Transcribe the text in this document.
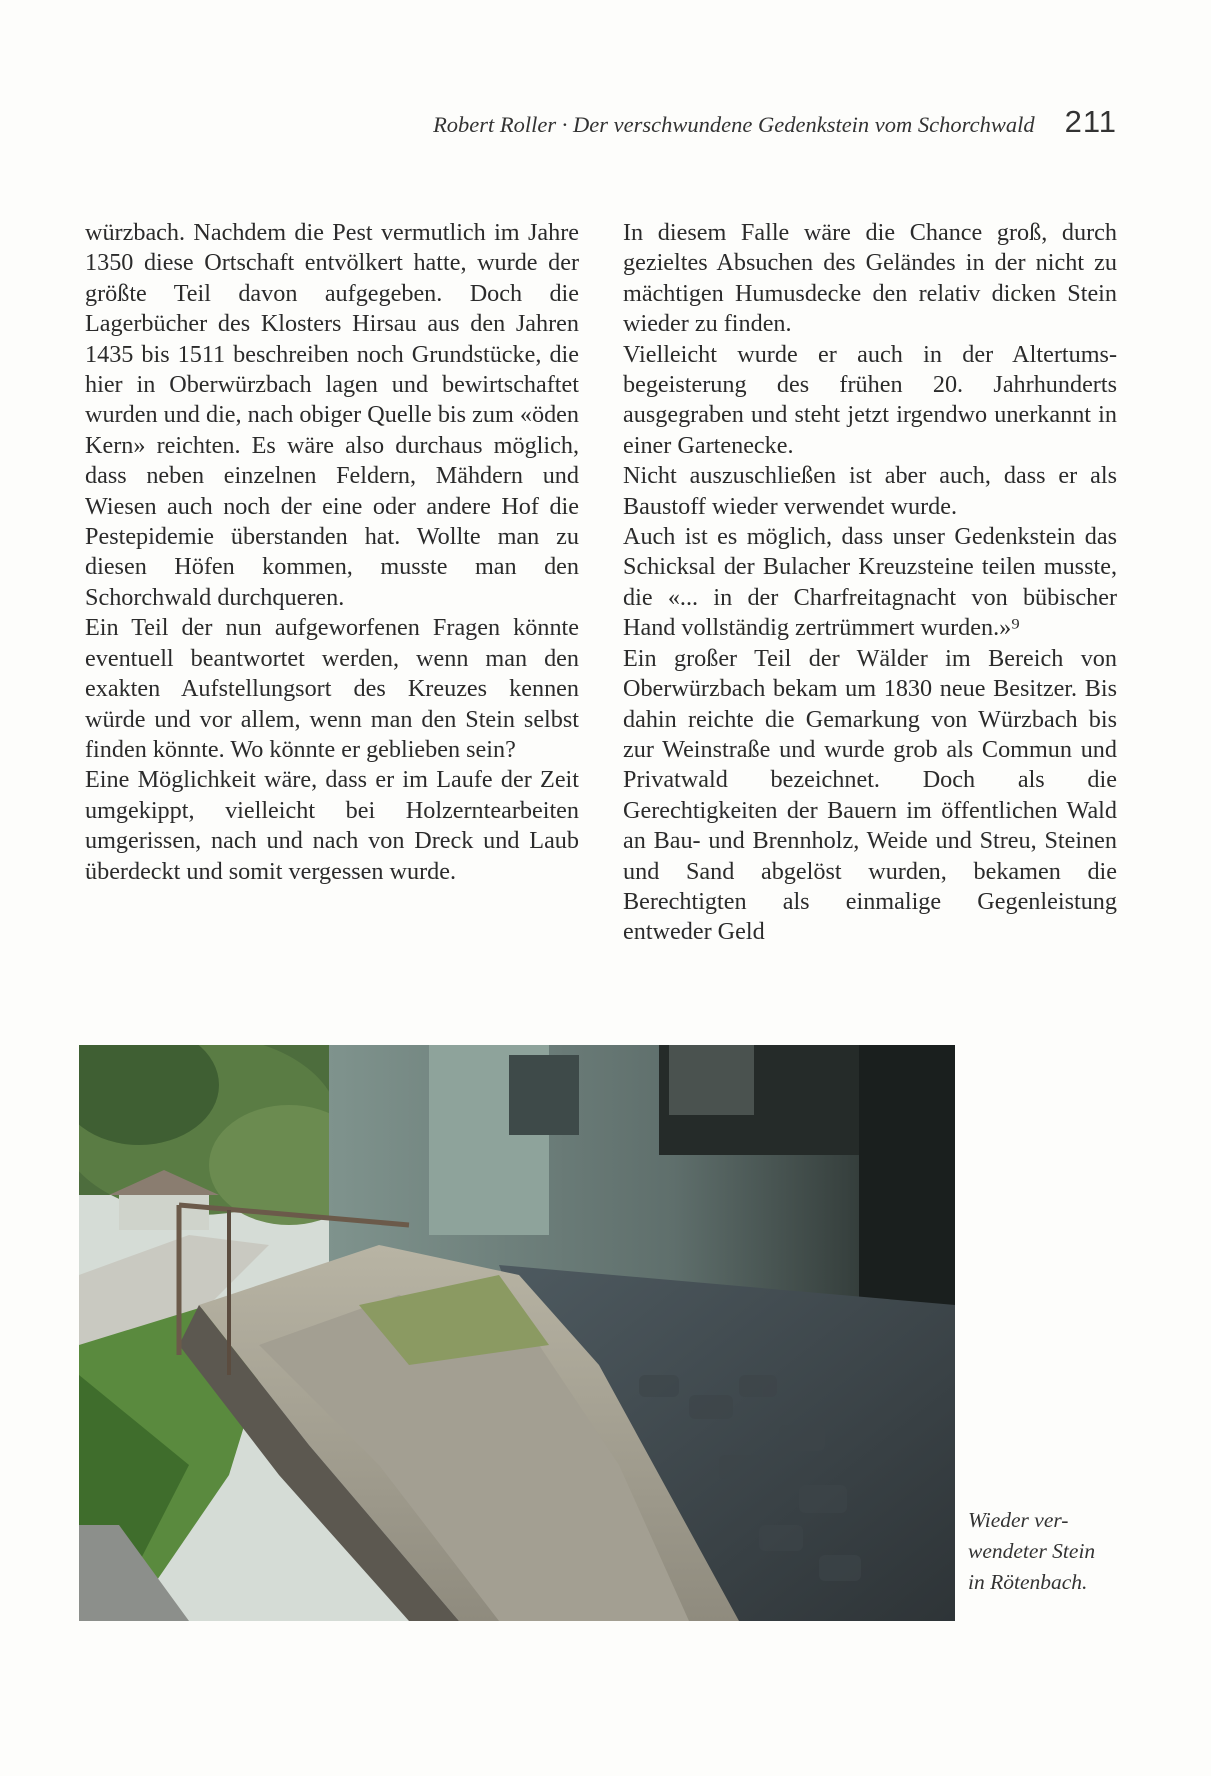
Robert Roller · Der verschwundene Gedenkstein vom Schorchwald 211

würzbach. Nachdem die Pest vermutlich im Jahre 1350 diese Ortschaft entvölkert hatte, wurde der größte Teil davon aufgegeben. Doch die Lagerbücher des Klosters Hirsau aus den Jahren 1435 bis 1511 beschreiben noch Grundstücke, die hier in Oberwürzbach lagen und bewirtschaftet wurden und die, nach obiger Quelle bis zum «öden Kern» reichten. Es wäre also durchaus möglich, dass neben einzelnen Feldern, Mähdern und Wiesen auch noch der eine oder andere Hof die Pestepidemie überstanden hat. Wollte man zu diesen Höfen kommen, musste man den Schorchwald durchqueren.

Ein Teil der nun aufgeworfenen Fragen könnte eventuell beantwortet werden, wenn man den exakten Aufstellungsort des Kreuzes kennen würde und vor allem, wenn man den Stein selbst finden könnte. Wo könnte er geblieben sein?

Eine Möglichkeit wäre, dass er im Laufe der Zeit umgekippt, vielleicht bei Holzerntearbeiten umgerissen, nach und nach von Dreck und Laub überdeckt und somit vergessen wurde.

In diesem Falle wäre die Chance groß, durch gezieltes Absuchen des Geländes in der nicht zu mächtigen Humusdecke den relativ dicken Stein wieder zu finden.

Vielleicht wurde er auch in der Altertumsbegeisterung des frühen 20. Jahrhunderts ausgegraben und steht jetzt irgendwo unerkannt in einer Gartenecke.

Nicht auszuschließen ist aber auch, dass er als Baustoff wieder verwendet wurde.

Auch ist es möglich, dass unser Gedenkstein das Schicksal der Bulacher Kreuzsteine teilen musste, die «... in der Charfreitagnacht von bübischer Hand vollständig zertrümmert wurden.»⁹

Ein großer Teil der Wälder im Bereich von Oberwürzbach bekam um 1830 neue Besitzer. Bis dahin reichte die Gemarkung von Würzbach bis zur Weinstraße und wurde grob als Commun und Privatwald bezeichnet. Doch als die Gerechtigkeiten der Bauern im öffentlichen Wald an Bau- und Brennholz, Weide und Streu, Steinen und Sand abgelöst wurden, bekamen die Berechtigten als einmalige Gegenleistung entweder Geld

Wieder ver-
wendeter Stein
in Rötenbach.
